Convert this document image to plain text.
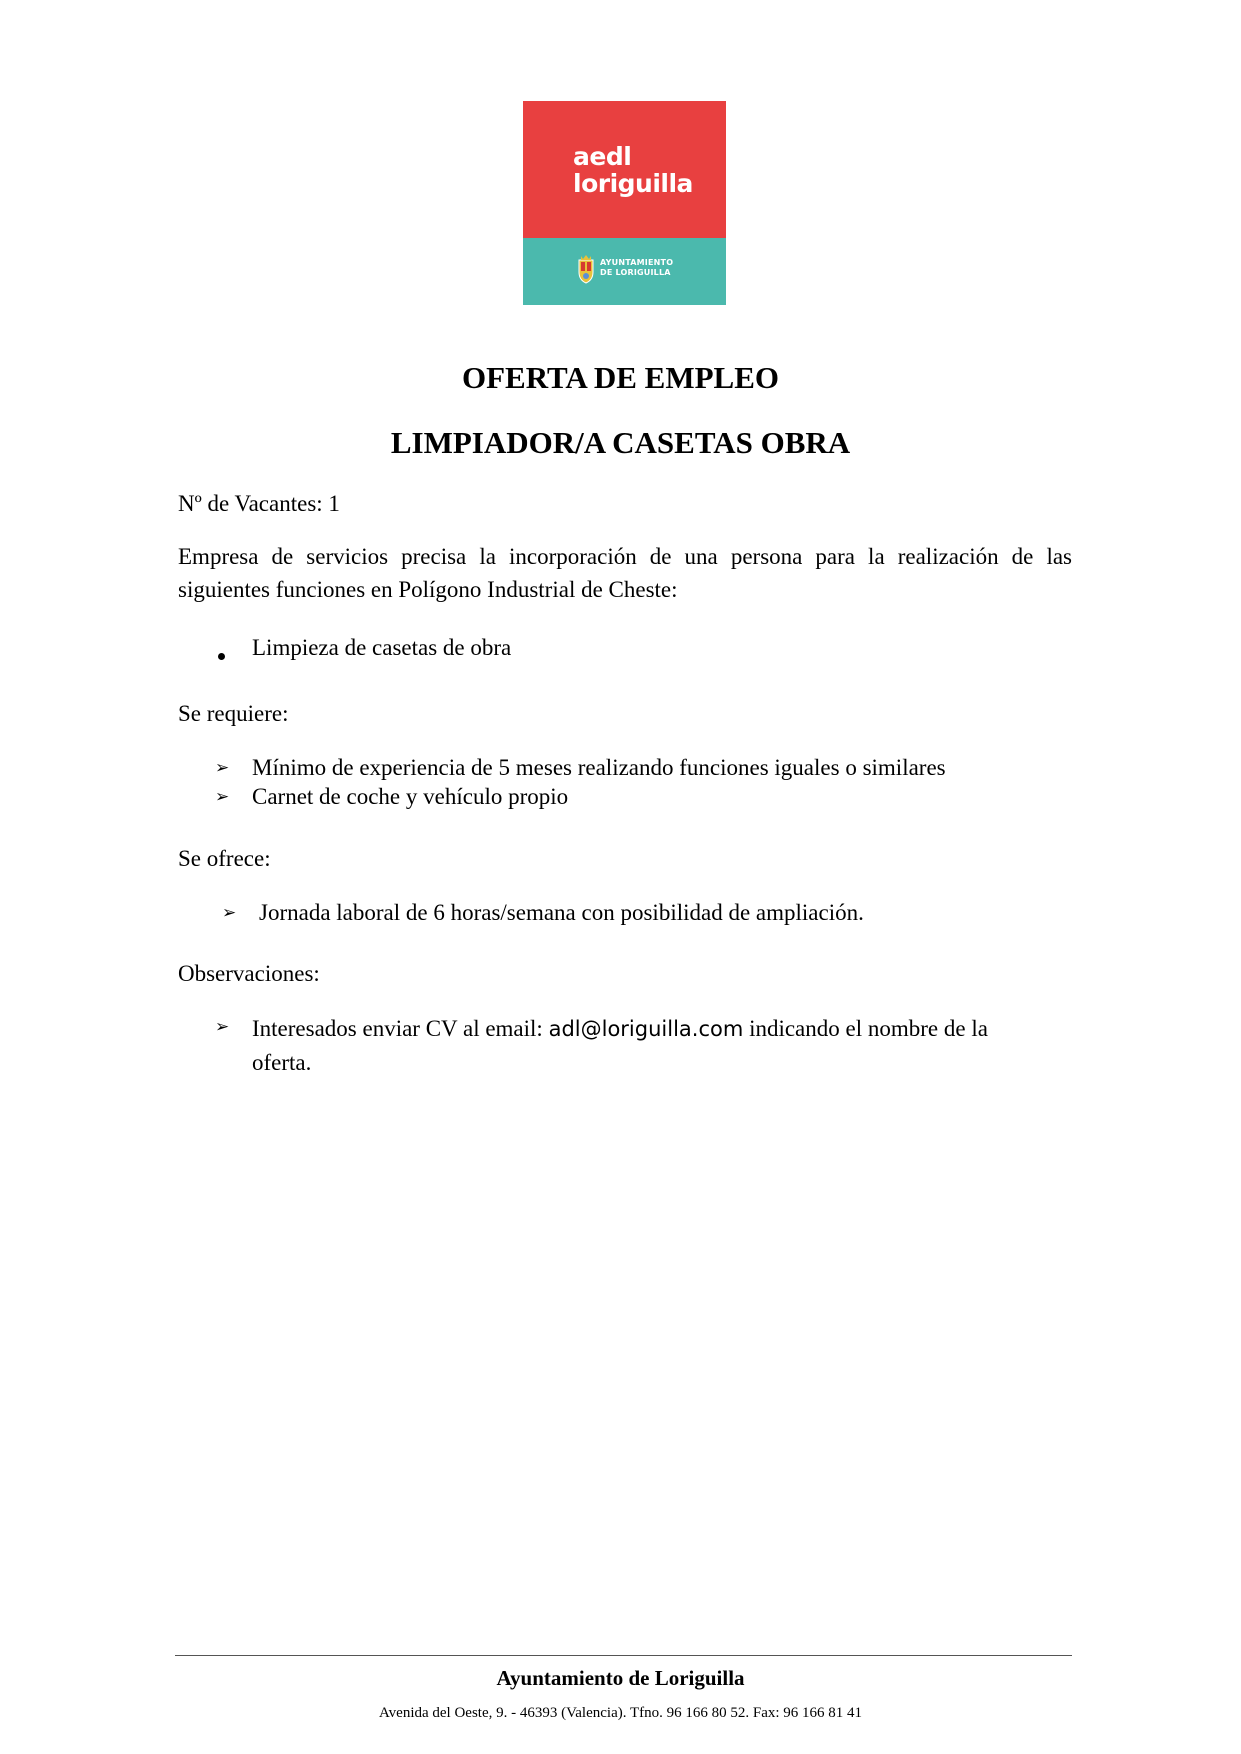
aedl
loriguilla
AYUNTAMIENTO
DE LORIGUILLA
OFERTA DE EMPLEO
LIMPIADOR/A CASETAS OBRA
Nº de Vacantes: 1
Empresa de servicios precisa la incorporación de una persona para la realización de las siguientes funciones en Polígono Industrial de Cheste:
Limpieza de casetas de obra
Se requiere:
➢ Mínimo de experiencia de 5 meses realizando funciones iguales o similares
➢ Carnet de coche y vehículo propio
Se ofrece:
➢ Jornada laboral de 6 horas/semana con posibilidad de ampliación.
Observaciones:
➢ Interesados enviar CV al email: adl@loriguilla.com indicando el nombre de la
oferta.
Ayuntamiento de Loriguilla
Avenida del Oeste, 9. - 46393 (Valencia). Tfno. 96 166 80 52. Fax: 96 166 81 41
